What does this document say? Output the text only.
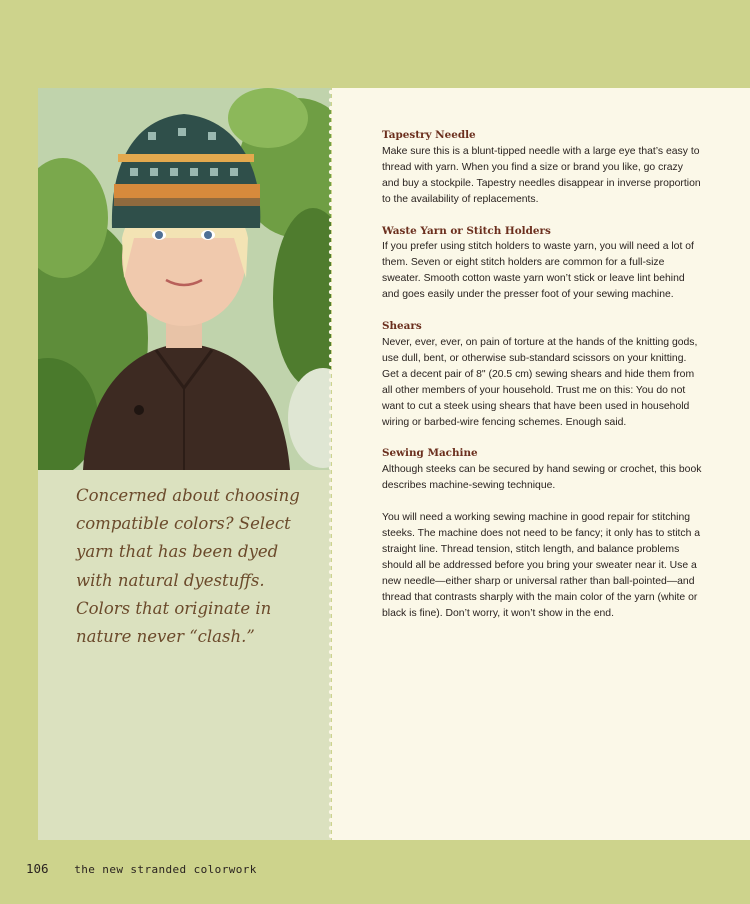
Concerned about choosing compatible colors? Select yarn that has been dyed with natural dyestuffs. Colors that originate in nature never “clash.”
Tapestry Needle

Make sure this is a blunt-tipped needle with a large eye that’s easy to thread with yarn. When you find a size or brand you like, go crazy and buy a stockpile. Tapestry needles disappear in inverse proportion to the availability of replacements.

Waste Yarn or Stitch Holders

If you prefer using stitch holders to waste yarn, you will need a lot of them. Seven or eight stitch holders are common for a full-size sweater. Smooth cotton waste yarn won’t stick or leave lint behind and goes easily under the presser foot of your sewing machine.

Shears

Never, ever, ever, on pain of torture at the hands of the knitting gods, use dull, bent, or otherwise sub-standard scissors on your knitting. Get a decent pair of 8" (20.5 cm) sewing shears and hide them from all other members of your household. Trust me on this: You do not want to cut a steek using shears that have been used in household wiring or barbed-wire fencing schemes. Enough said.

Sewing Machine

Although steeks can be secured by hand sewing or crochet, this book describes machine-sewing technique.

You will need a working sewing machine in good repair for stitching steeks. The machine does not need to be fancy; it only has to stitch a straight line. Thread tension, stitch length, and balance problems should all be addressed before you bring your sweater near it. Use a new needle—either sharp or universal rather than ball-pointed—and thread that contrasts sharply with the main color of the yarn (white or black is fine). Don’t worry, it won’t show in the end.

106 the new stranded colorwork
